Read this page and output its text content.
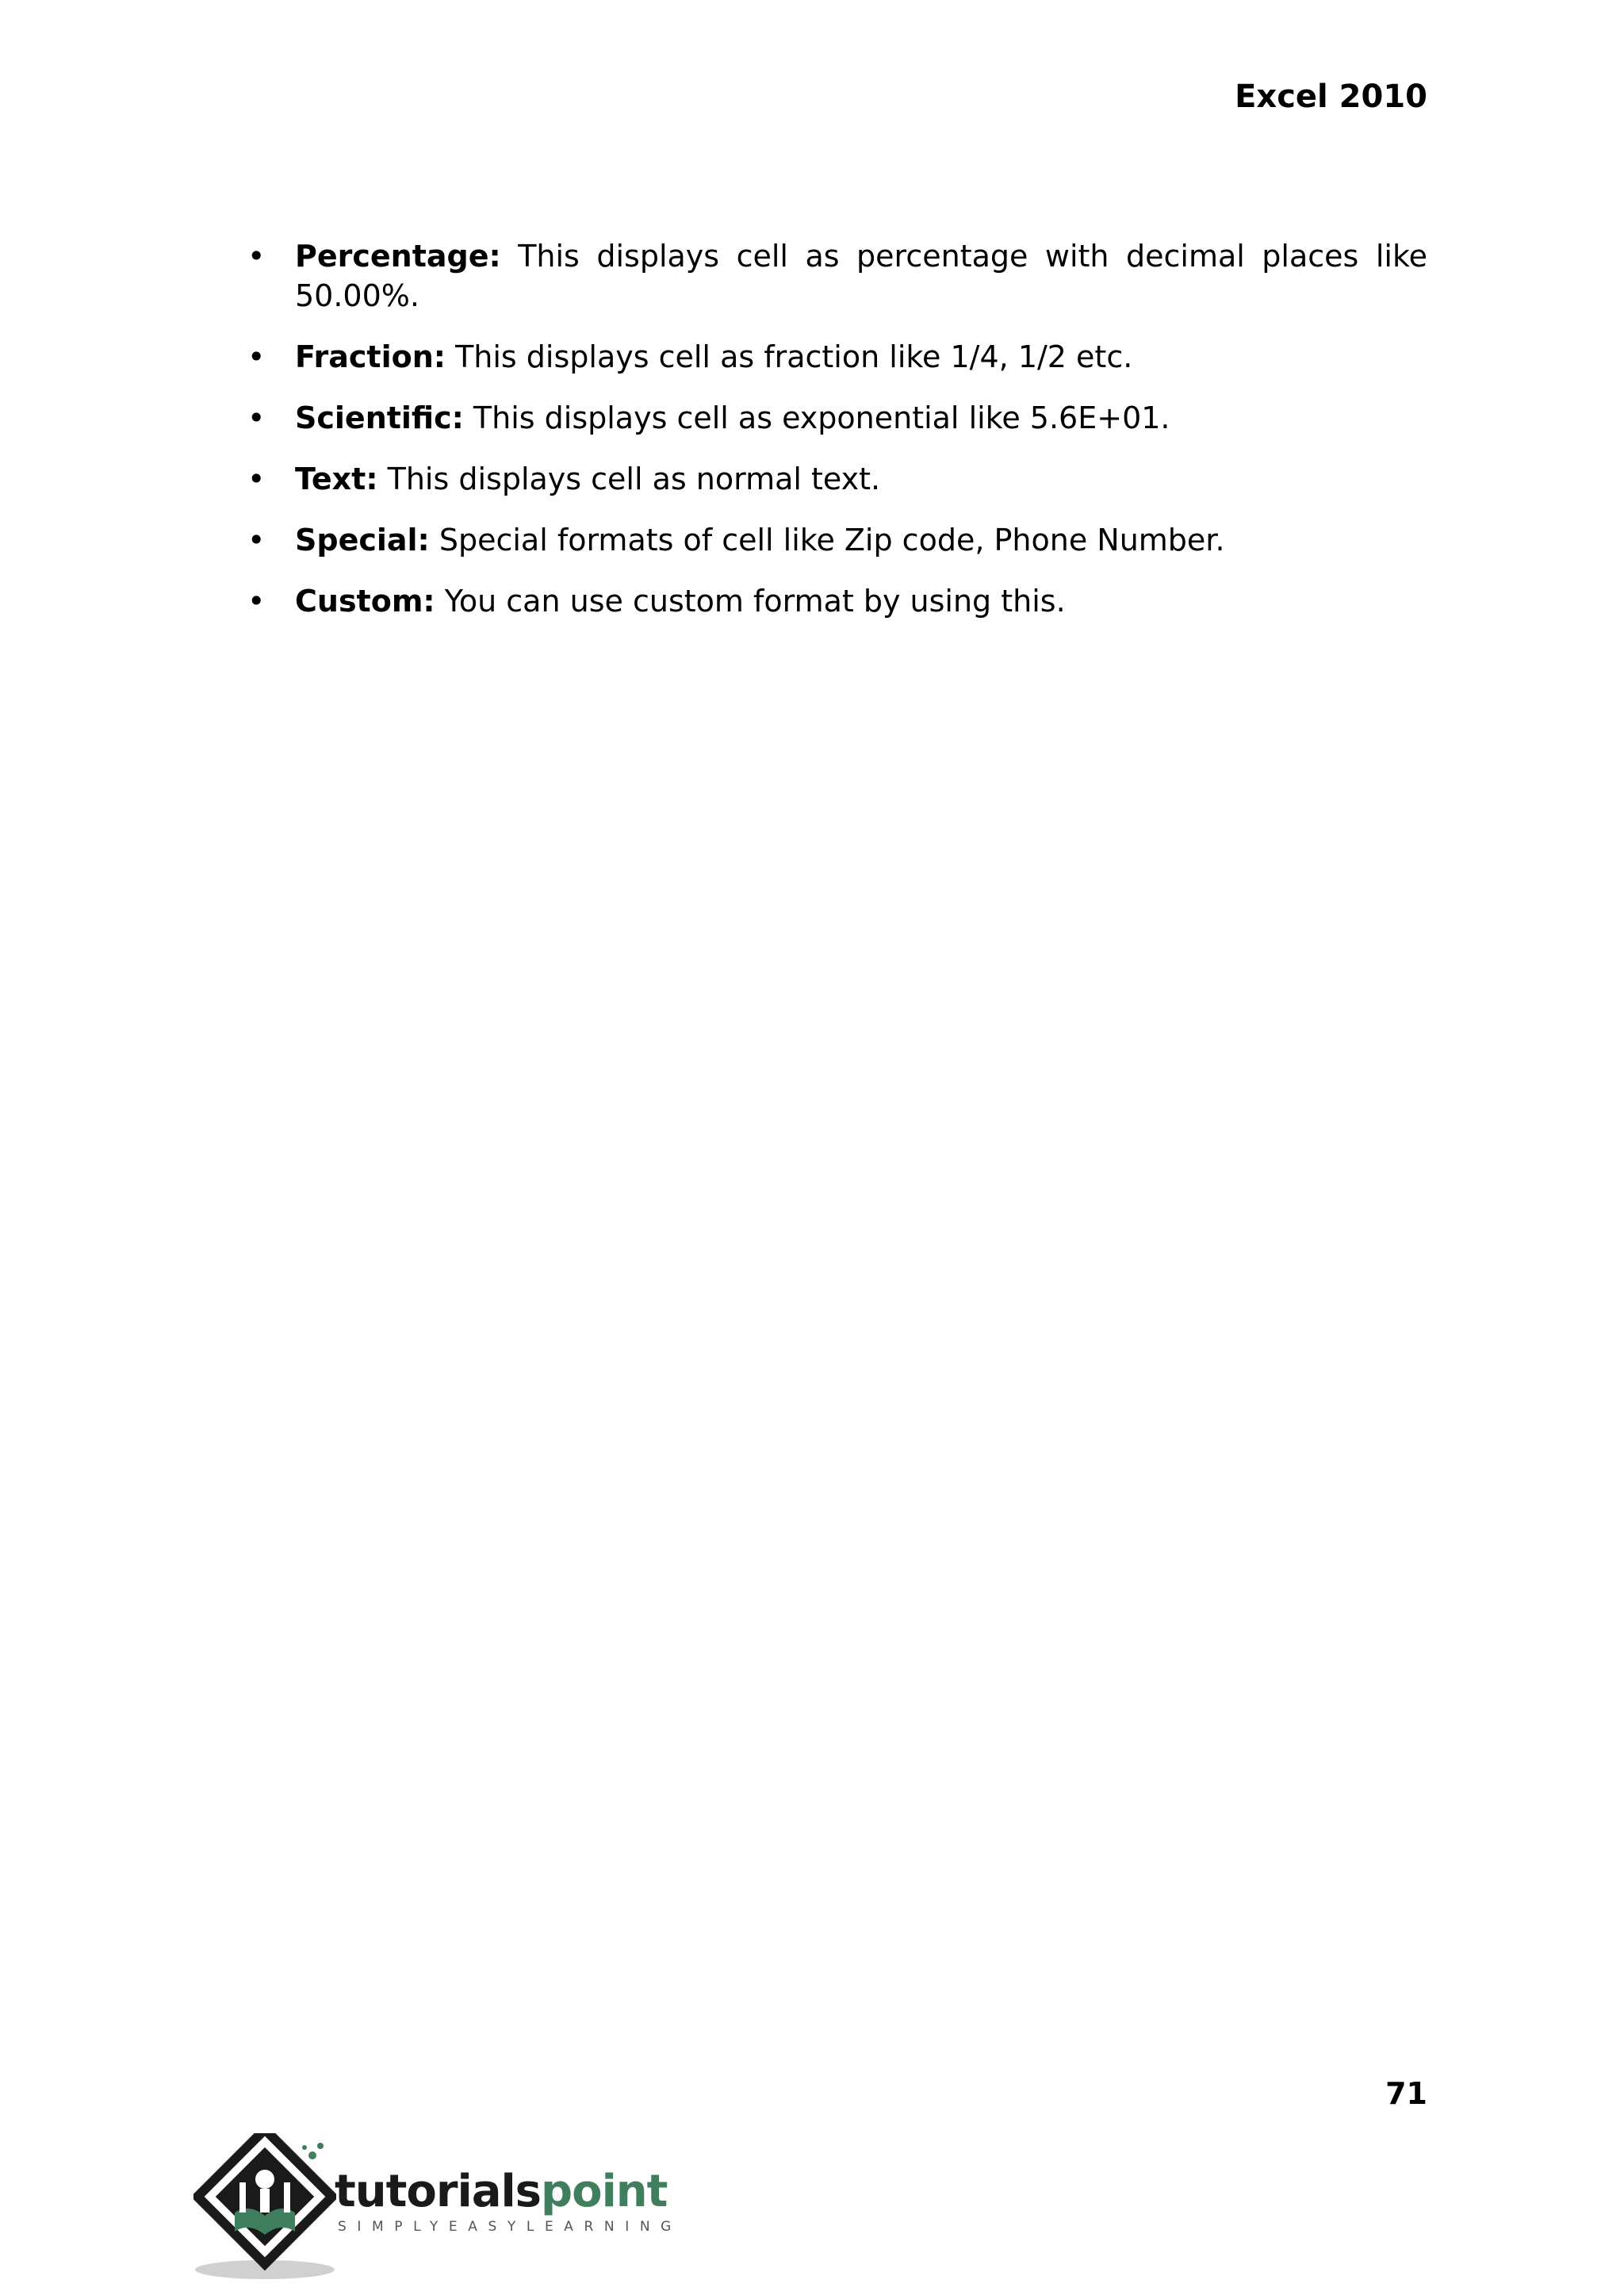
Excel 2010
• Percentage: This displays cell as percentage with decimal places like 50.00%.
• Fraction: This displays cell as fraction like 1/4, 1/2 etc.
• Scientific: This displays cell as exponential like 5.6E+01.
• Text: This displays cell as normal text.
• Special: Special formats of cell like Zip code, Phone Number.
• Custom: You can use custom format by using this.
71
tutorialspoint
SIMPLYEASYLEARNING
